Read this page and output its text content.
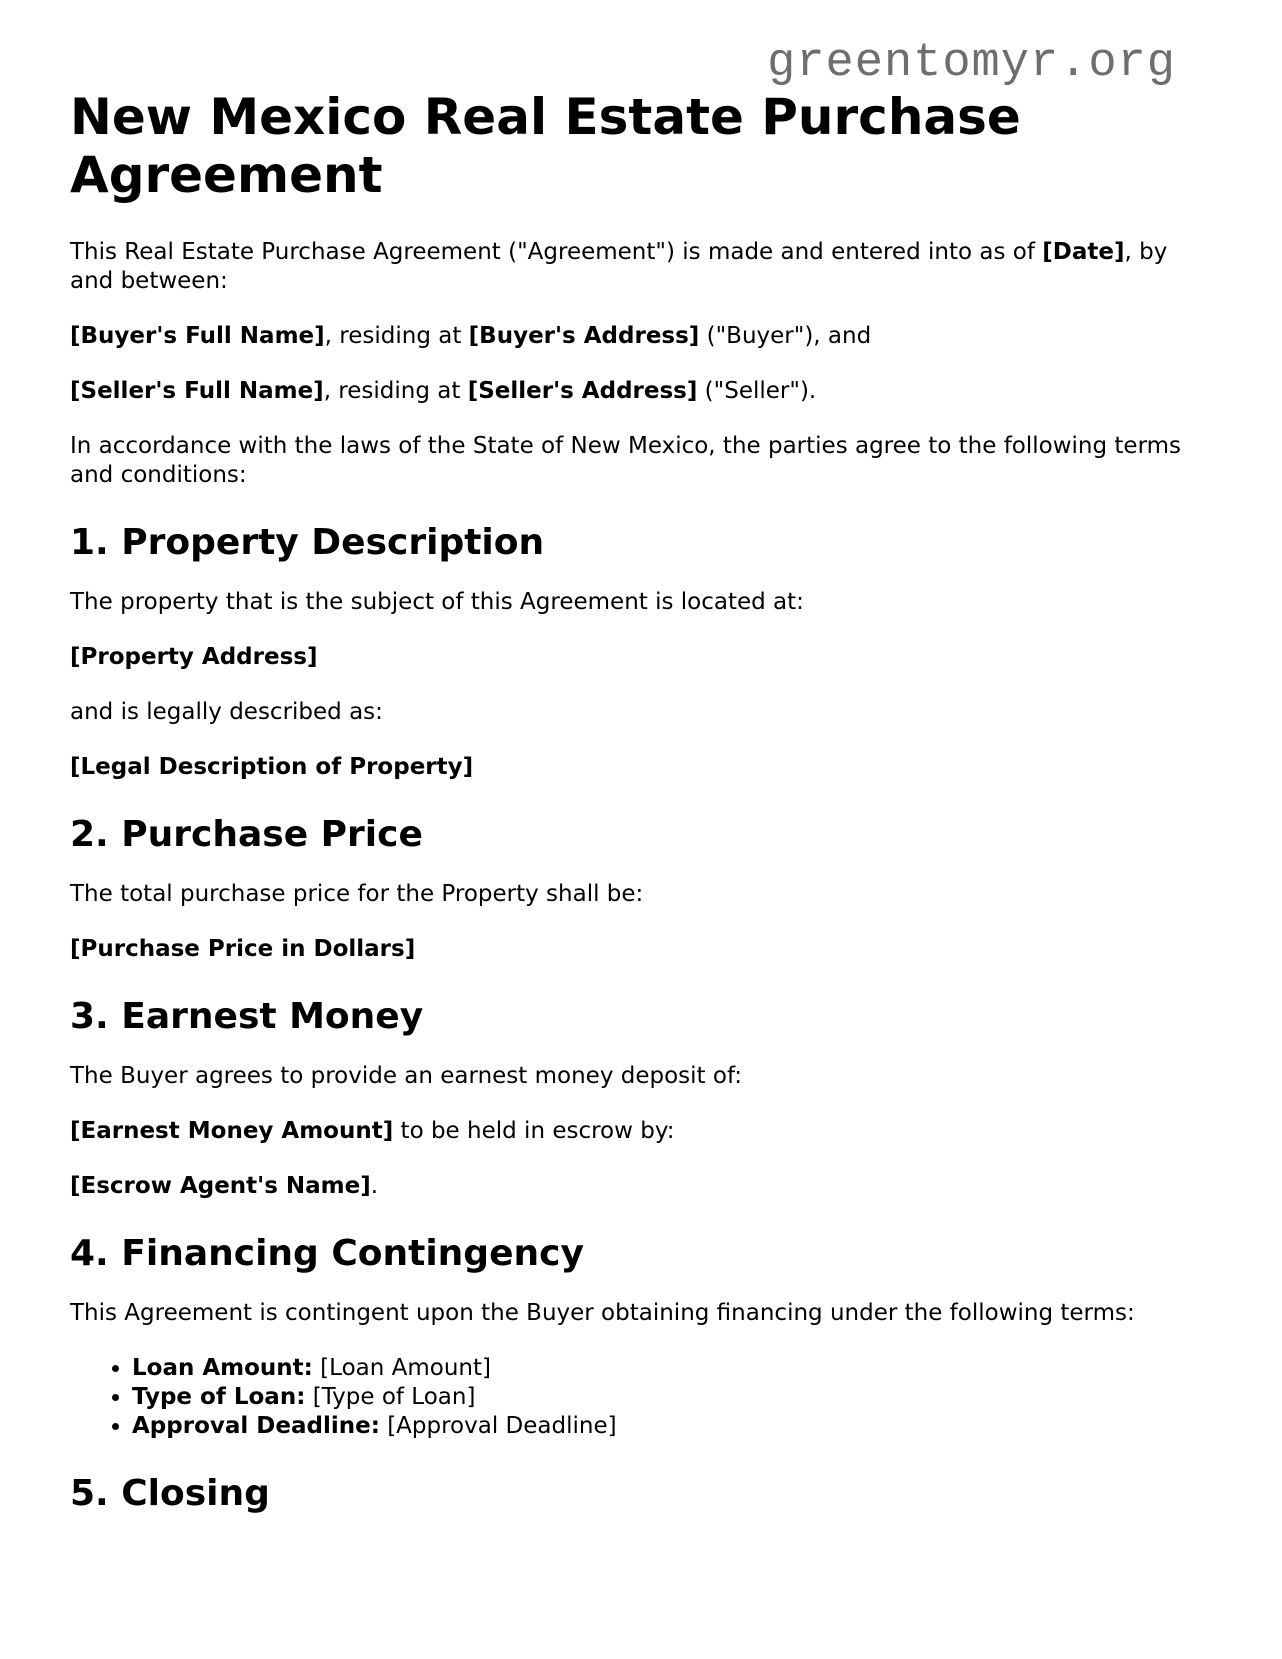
greentomyr.org
New Mexico Real Estate Purchase Agreement

This Real Estate Purchase Agreement ("Agreement") is made and entered into as of [Date], by and between:

[Buyer's Full Name], residing at [Buyer's Address] ("Buyer"), and

[Seller's Full Name], residing at [Seller's Address] ("Seller").

In accordance with the laws of the State of New Mexico, the parties agree to the following terms and conditions:

1. Property Description

The property that is the subject of this Agreement is located at:

[Property Address]

and is legally described as:

[Legal Description of Property]

2. Purchase Price

The total purchase price for the Property shall be:

[Purchase Price in Dollars]

3. Earnest Money

The Buyer agrees to provide an earnest money deposit of:

[Earnest Money Amount] to be held in escrow by:

[Escrow Agent's Name].

4. Financing Contingency

This Agreement is contingent upon the Buyer obtaining financing under the following terms:

• Loan Amount: [Loan Amount]
• Type of Loan: [Type of Loan]
• Approval Deadline: [Approval Deadline]
5. Closing
